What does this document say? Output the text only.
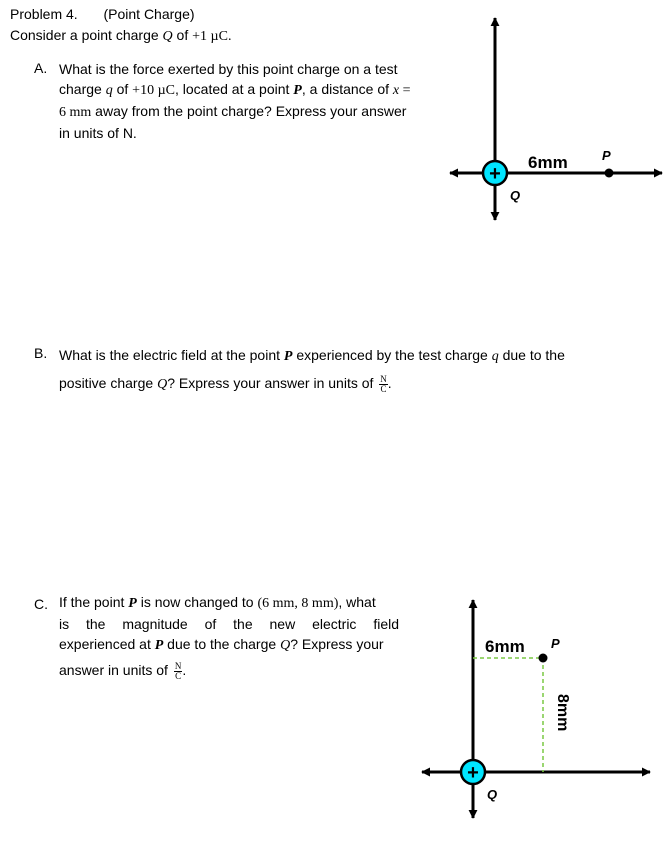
Problem 4. (Point Charge)
Consider a point charge Q of +1 µC.
A. What is the force exerted by this point charge on a test
charge q of +10 µC, located at a point P, a distance of x =
6 mm away from the point charge? Express your answer
in units of N.
+
Q
6mm	P
B. What is the electric field at the point P experienced by the test charge q due to the
positive charge Q? Express your answer in units of $\frac{N}{C}$ .
C. If the point P is now changed to (6 mm, 8 mm), what
is the magnitude of the new electric field
experienced at P due to the charge Q? Express your
answer in units of $\frac{N}{C}$ .
+
Q
6mm P
8mm
